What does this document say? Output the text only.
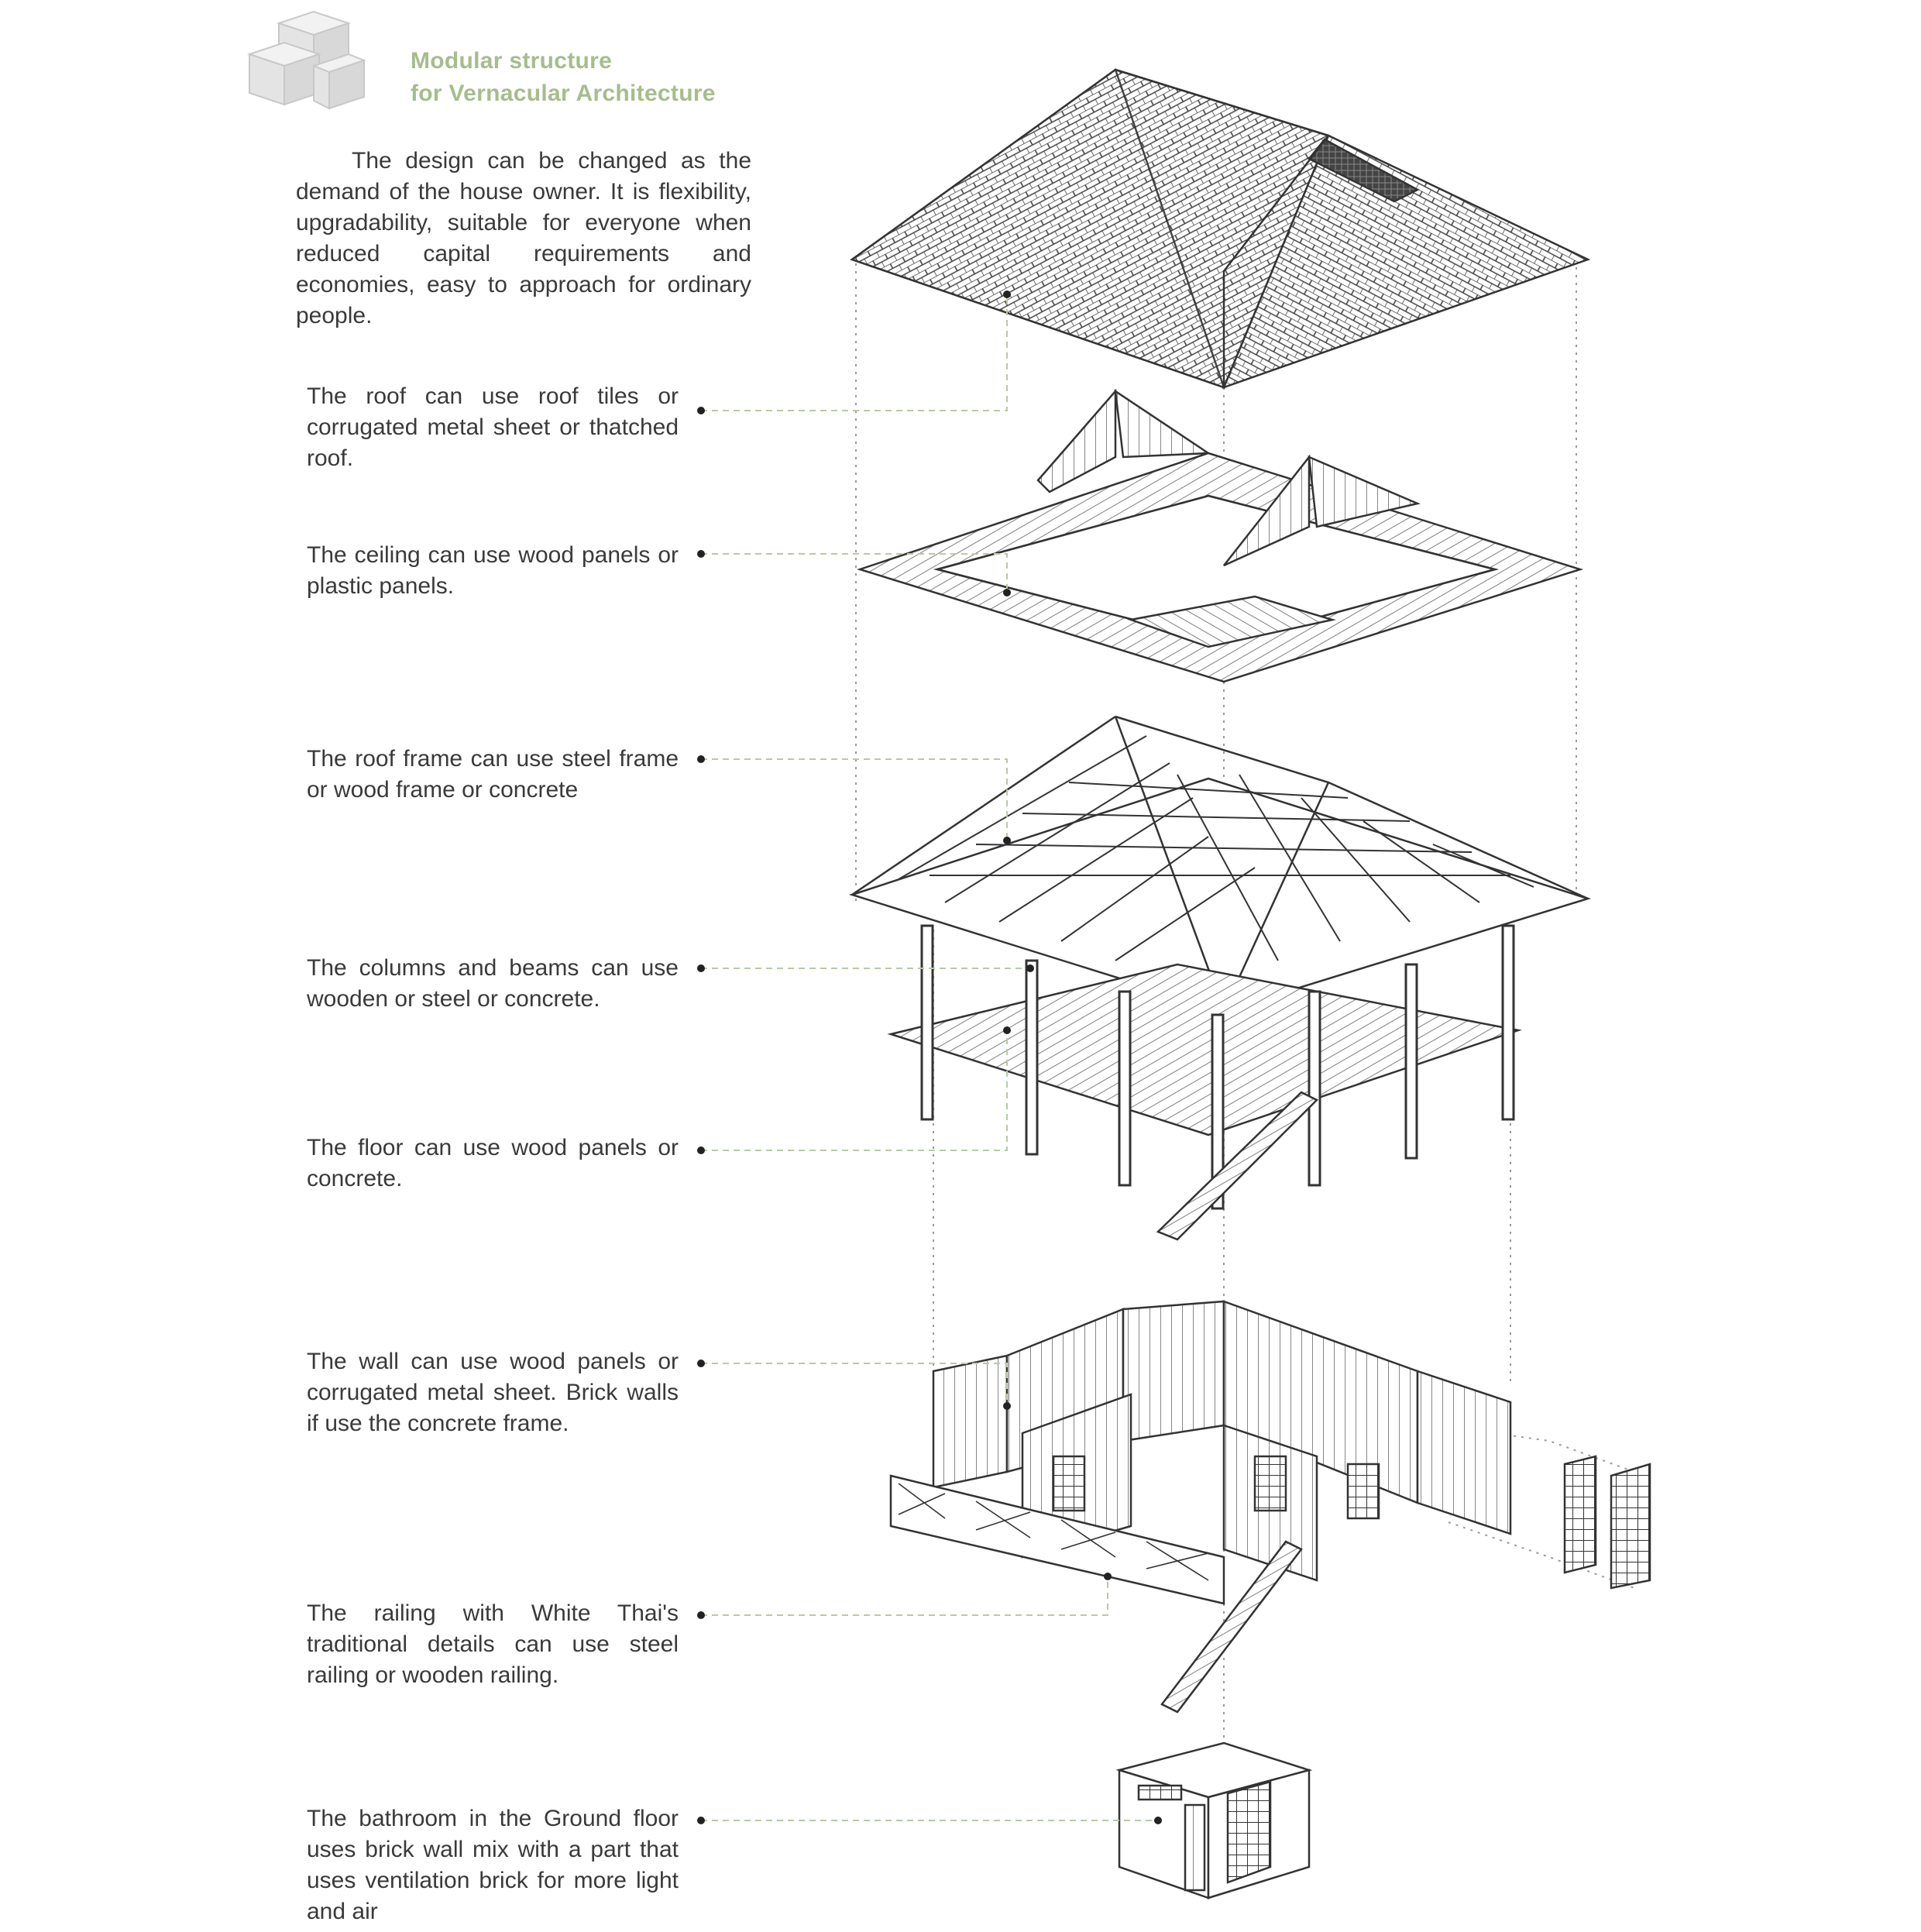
Modular structure
for Vernacular Architecture
The design can be changed as the demand of the house owner. It is flexibility, upgradability, suitable for everyone when reduced capital requirements and economies, easy to approach for ordinary people.
The roof can use roof tiles or corrugated metal sheet or thatched roof.
The ceiling can use wood panels or plastic panels.
The roof frame can use steel frame or wood frame or concrete
The columns and beams can use wooden or steel or concrete.
The floor can use wood panels or concrete.
The wall can use wood panels or corrugated metal sheet. Brick walls if use the concrete frame.
The railing with White Thai's traditional details can use steel railing or wooden railing.
The bathroom in the Ground floor uses brick wall mix with a part that uses ventilation brick for more light and air
